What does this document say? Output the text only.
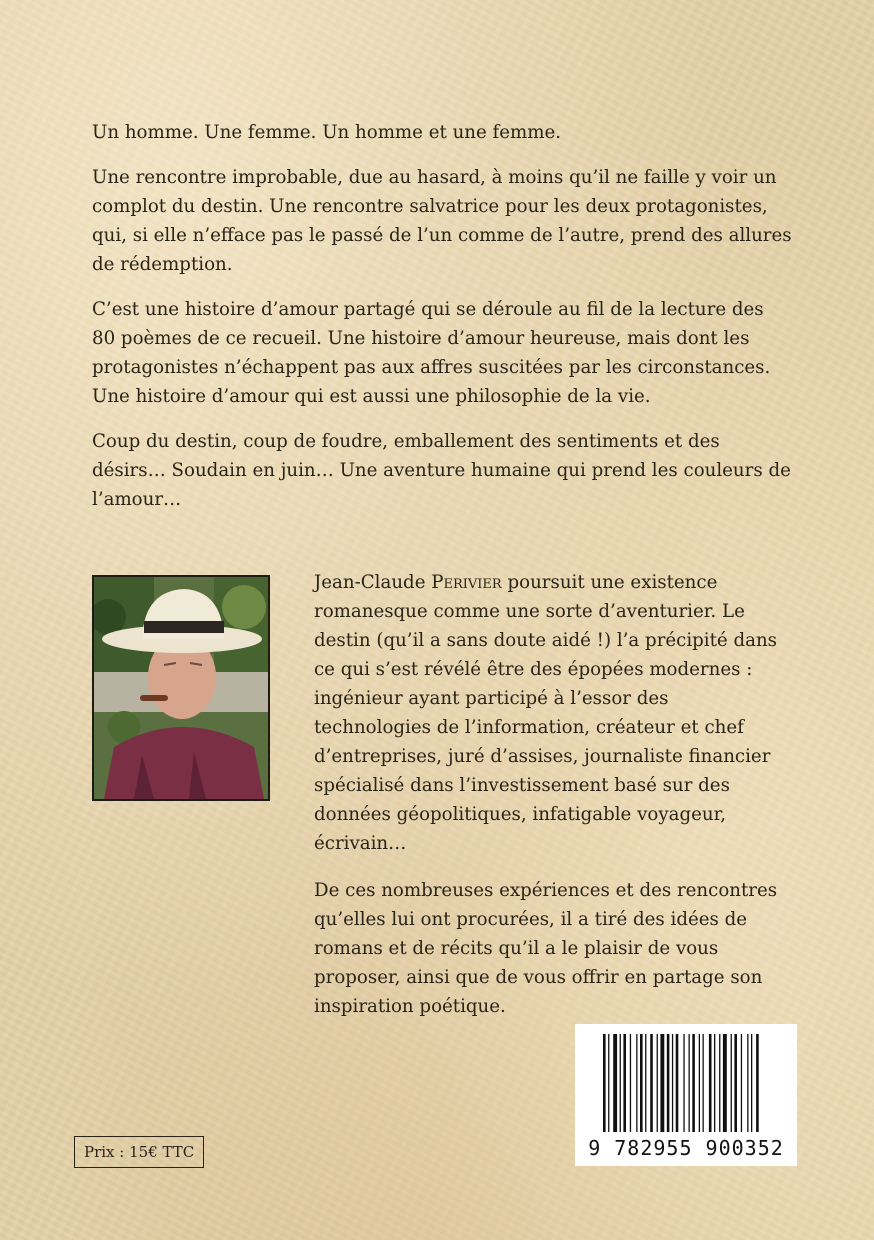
Un homme. Une femme. Un homme et une femme.

Une rencontre improbable, due au hasard, à moins qu’il ne faille y voir un complot du destin. Une rencontre salvatrice pour les deux protagonistes, qui, si elle n’efface pas le passé de l’un comme de l’autre, prend des allures de rédemption.

C’est une histoire d’amour partagé qui se déroule au fil de la lecture des 80 poèmes de ce recueil. Une histoire d’amour heureuse, mais dont les protagonistes n’échappent pas aux affres suscitées par les circonstances. Une histoire d’amour qui est aussi une philosophie de la vie.

Coup du destin, coup de foudre, emballement des sentiments et des désirs… Soudain en juin… Une aventure humaine qui prend les couleurs de l’amour…

Jean-Claude Perivier poursuit une existence romanesque comme une sorte d’aventurier. Le destin (qu’il a sans doute aidé !) l’a précipité dans ce qui s’est révélé être des épopées modernes : ingénieur ayant participé à l’essor des technologies de l’information, créateur et chef d’entreprises, juré d’assises, journaliste financier spécialisé dans l’investissement basé sur des données géopolitiques, infatigable voyageur, écrivain…

De ces nombreuses expériences et des rencontres qu’elles lui ont procurées, il a tiré des idées de romans et de récits qu’il a le plaisir de vous proposer, ainsi que de vous offrir en partage son inspiration poétique.

Prix : 15€ TTC	9 782955 900352
